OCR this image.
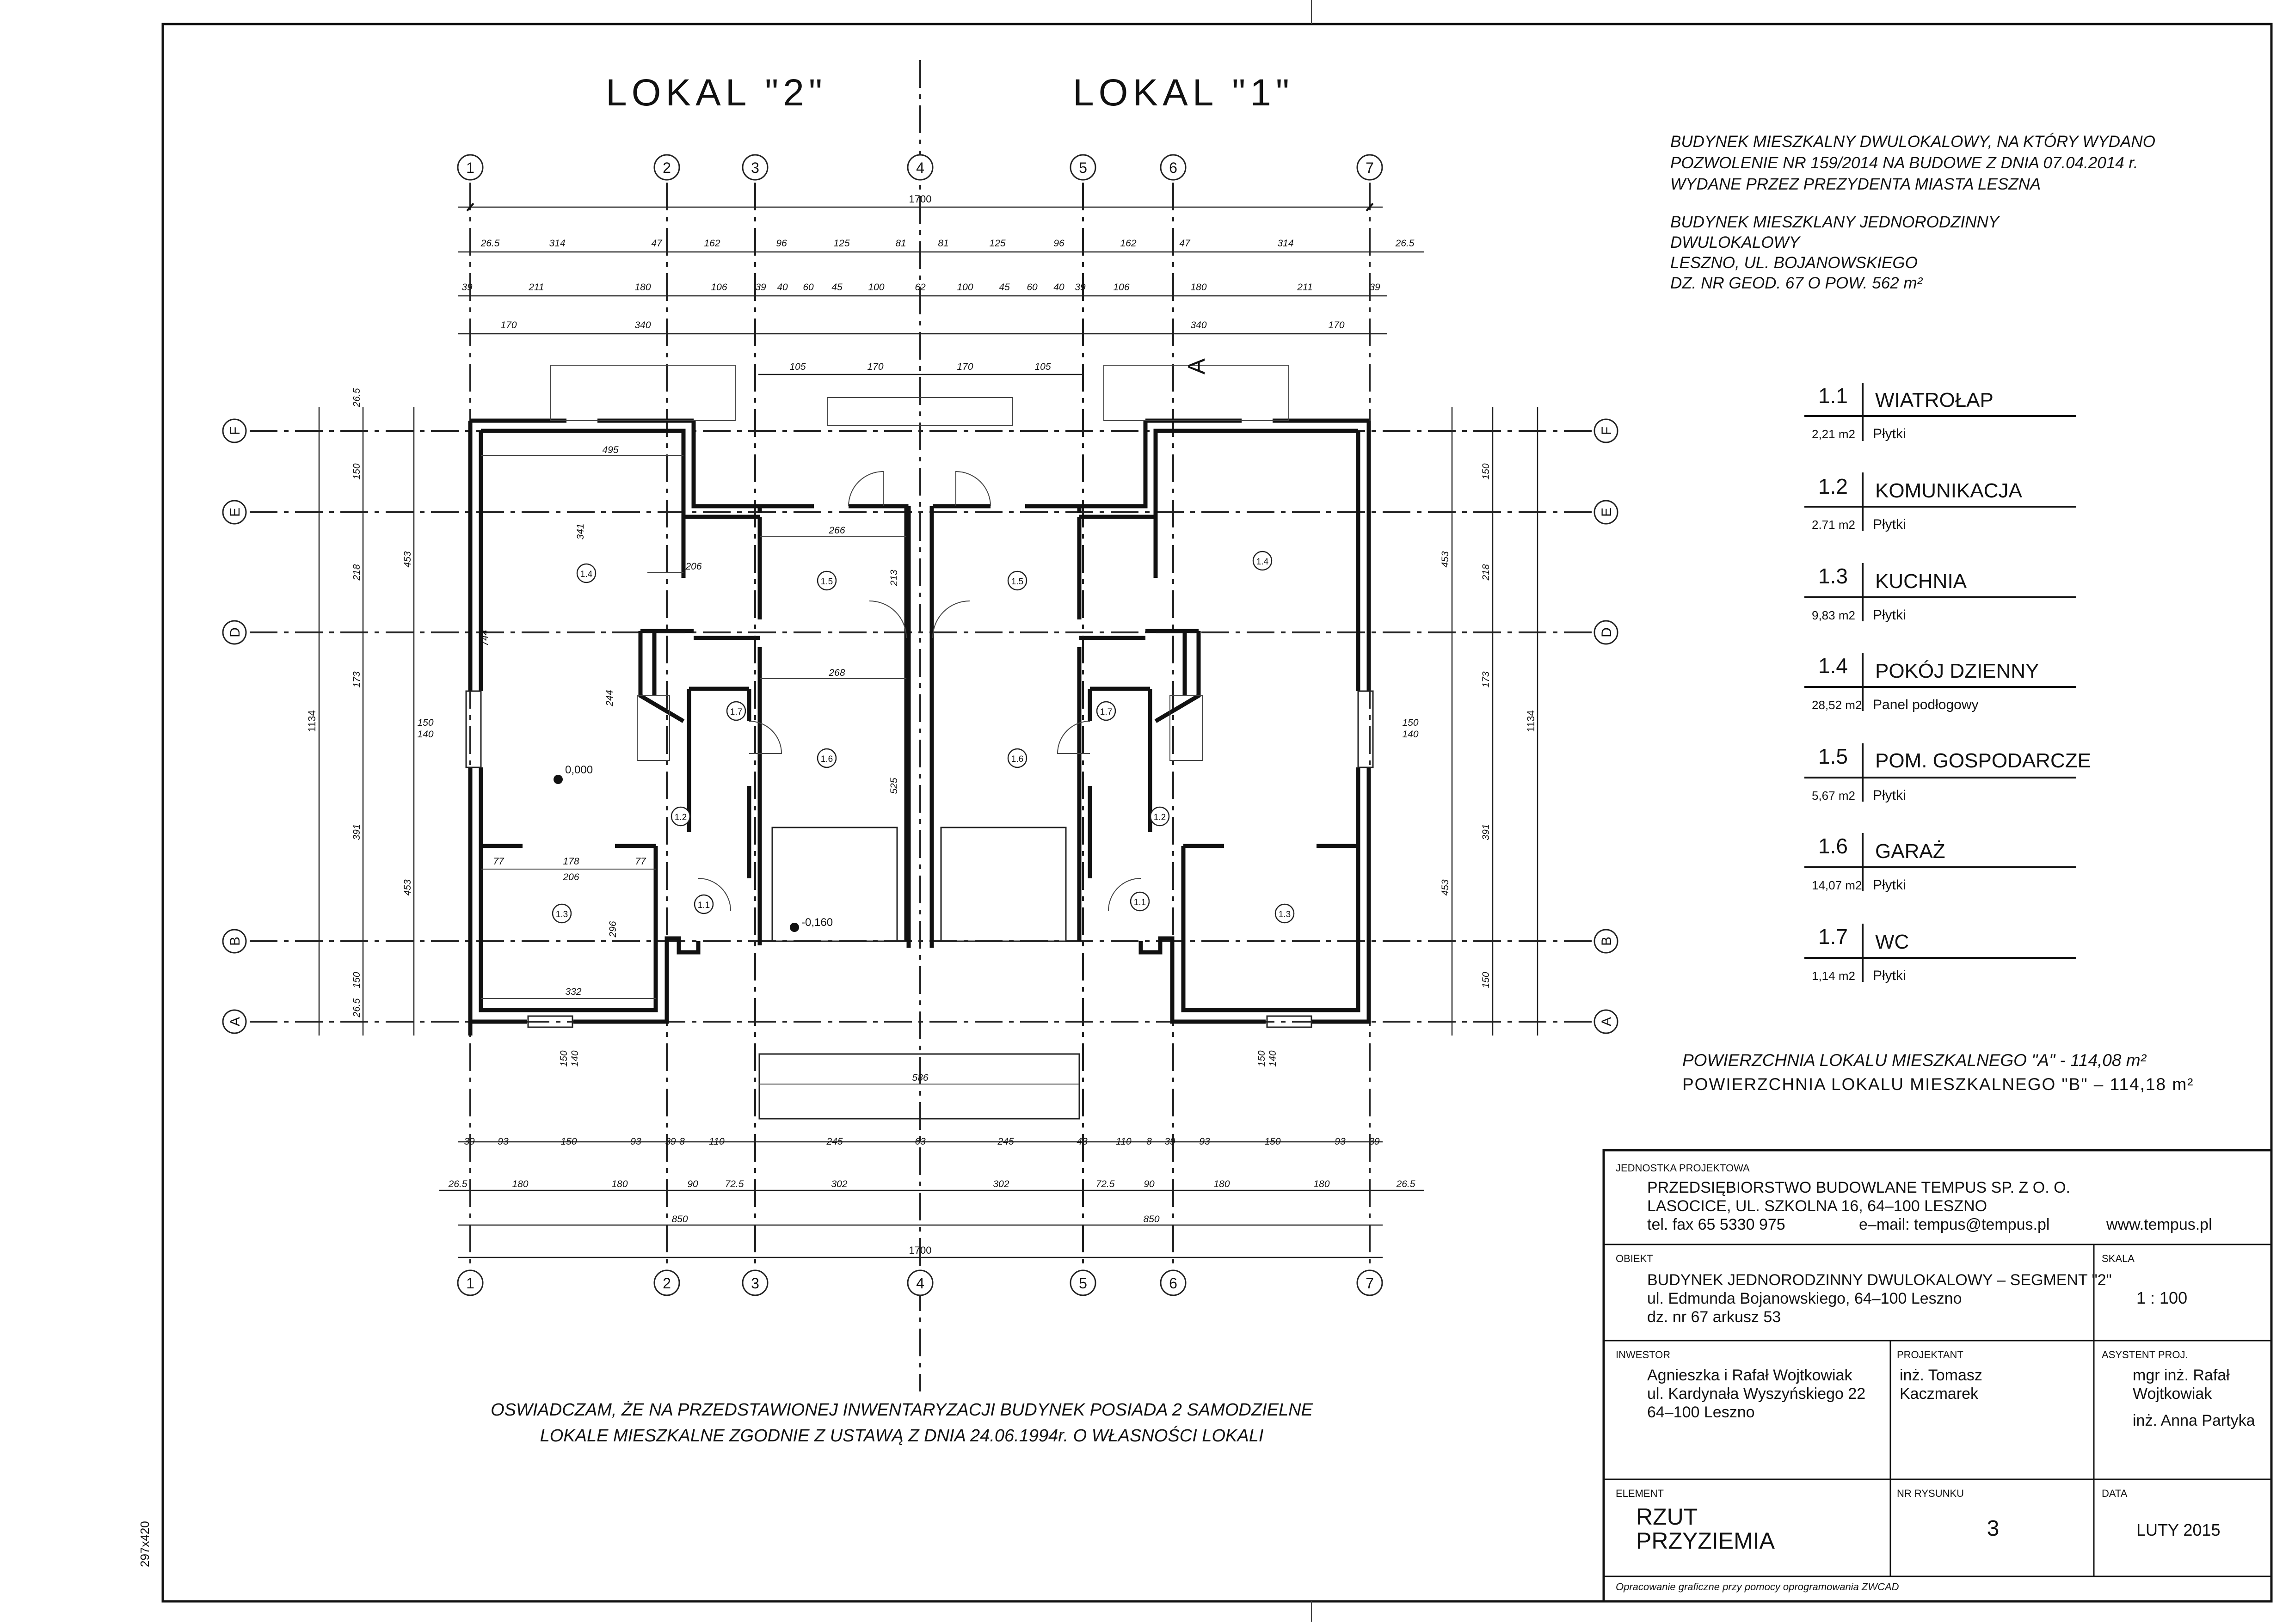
LOKAL "2"	LOKAL "1"
1	2	3	4	5	6	7
1	2	3	4	5	6	7
F
E
D
B
A
F
E
D
B
A
1700
26.5	314	47	162	96	125	81	81	125	96	162	47	314	26.5
39	211	180	106	39 40 60 45	100	62	100	45 60 40 39	106	180	211	39
170	340	340	170
105	170	170	105
1134
26.5
150
218
173
391
150
26.5
453
453
1134
150
218
173
391
150
453
453
1.4
1.5
1.6
1.7
1.2
1.1
1.3
1.4
1.5
1.6
1.7
1.2
1.1
1.3
495
341
206
244
744
178
206
77	77
332
296
266
268
213
525
586
150 140	150 140
150
140
150
140
0,000
-0,160
A
39 93	150	93 39 8 110	245	63	245	43	110 8 39 93	150	93 39
26.5	180	180	90	72.5	302	302	72.5	90	180	180	26.5
850	850
1700
BUDYNEK MIESZKALNY DWULOKALOWY, NA KTÓRY WYDANO
POZWOLENIE NR 159/2014 NA BUDOWE Z DNIA 07.04.2014 r.
WYDANE PRZEZ PREZYDENTA MIASTA LESZNA
BUDYNEK MIESZKLANY JEDNORODZINNY
DWULOKALOWY
LESZNO, UL. BOJANOWSKIEGO
DZ. NR GEOD. 67 O POW. 562 m²
1.1 WIATROŁAP
2,21 m2 Płytki
1.2 KOMUNIKACJA
2.71 m2 Płytki
1.3 KUCHNIA
9,83 m2 Płytki
1.4 POKÓJ DZIENNY
28,52 m2 Panel podłogowy
1.5 POM. GOSPODARCZE
5,67 m2 Płytki
1.6 GARAŻ
14,07 m2 Płytki
1.7 WC
1,14 m2 Płytki
POWIERZCHNIA LOKALU MIESZKALNEGO "A" - 114,08 m²
POWIERZCHNIA LOKALU MIESZKALNEGO "B" – 114,18 m²
OSWIADCZAM, ŻE NA PRZEDSTAWIONEJ INWENTARYZACJI BUDYNEK POSIADA 2 SAMODZIELNE
LOKALE MIESZKALNE ZGODNIE Z USTAWĄ Z DNIA 24.06.1994r. O WŁASNOŚCI LOKALI
297x420
JEDNOSTKA PROJEKTOWA
PRZEDSIĘBIORSTWO BUDOWLANE TEMPUS SP. Z O. O.
LASOCICE, UL. SZKOLNA 16, 64–100 LESZNO
tel. fax 65 5330 975	e–mail: tempus@tempus.pl	www.tempus.pl
OBIEKT
BUDYNEK JEDNORODZINNY DWULOKALOWY – SEGMENT "2"
ul. Edmunda Bojanowskiego, 64–100 Leszno
dz. nr 67 arkusz 53
SKALA
1 : 100
INWESTOR
Agnieszka i Rafał Wojtkowiak
ul. Kardynała Wyszyńskiego 22
64–100 Leszno
PROJEKTANT
inż. Tomasz
Kaczmarek
ASYSTENT PROJ.
mgr inż. Rafał
Wojtkowiak
inż. Anna Partyka
ELEMENT
RZUT
PRZYZIEMIA
NR RYSUNKU
3
DATA
LUTY 2015
Opracowanie graficzne przy pomocy oprogramowania ZWCAD
